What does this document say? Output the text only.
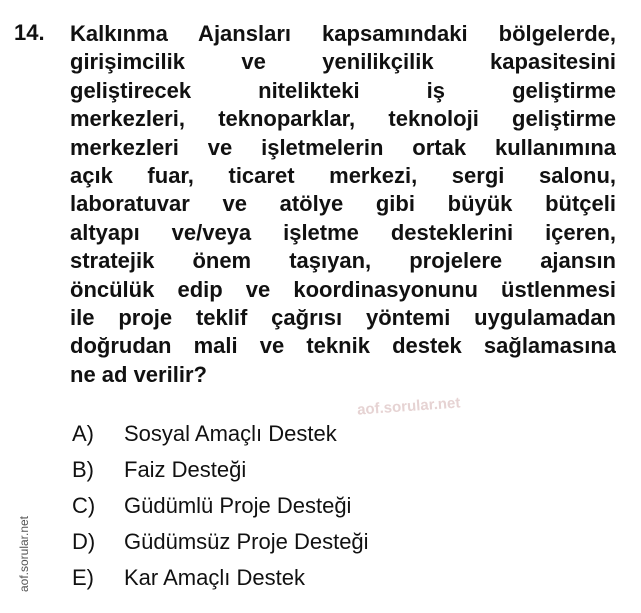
14. Kalkınma Ajansları kapsamındaki bölgelerde,
girişimcilik ve yenilikçilik kapasitesini
geliştirecek nitelikteki iş geliştirme
merkezleri, teknoparklar, teknoloji geliştirme
merkezleri ve işletmelerin ortak kullanımına
açık fuar, ticaret merkezi, sergi salonu,
laboratuvar ve atölye gibi büyük bütçeli
altyapı ve/veya işletme desteklerini içeren,
stratejik önem taşıyan, projelere ajansın
öncülük edip ve koordinasyonunu üstlenmesi
ile proje teklif çağrısı yöntemi uygulamadan
doğrudan mali ve teknik destek sağlamasına
ne ad verilir?
aof.sorular.net
A)	Sosyal Amaçlı Destek
B)	Faiz Desteği
C)	Güdümlü Proje Desteği
D)	Güdümsüz Proje Desteği
E)	Kar Amaçlı Destek
aof.sorular.net
